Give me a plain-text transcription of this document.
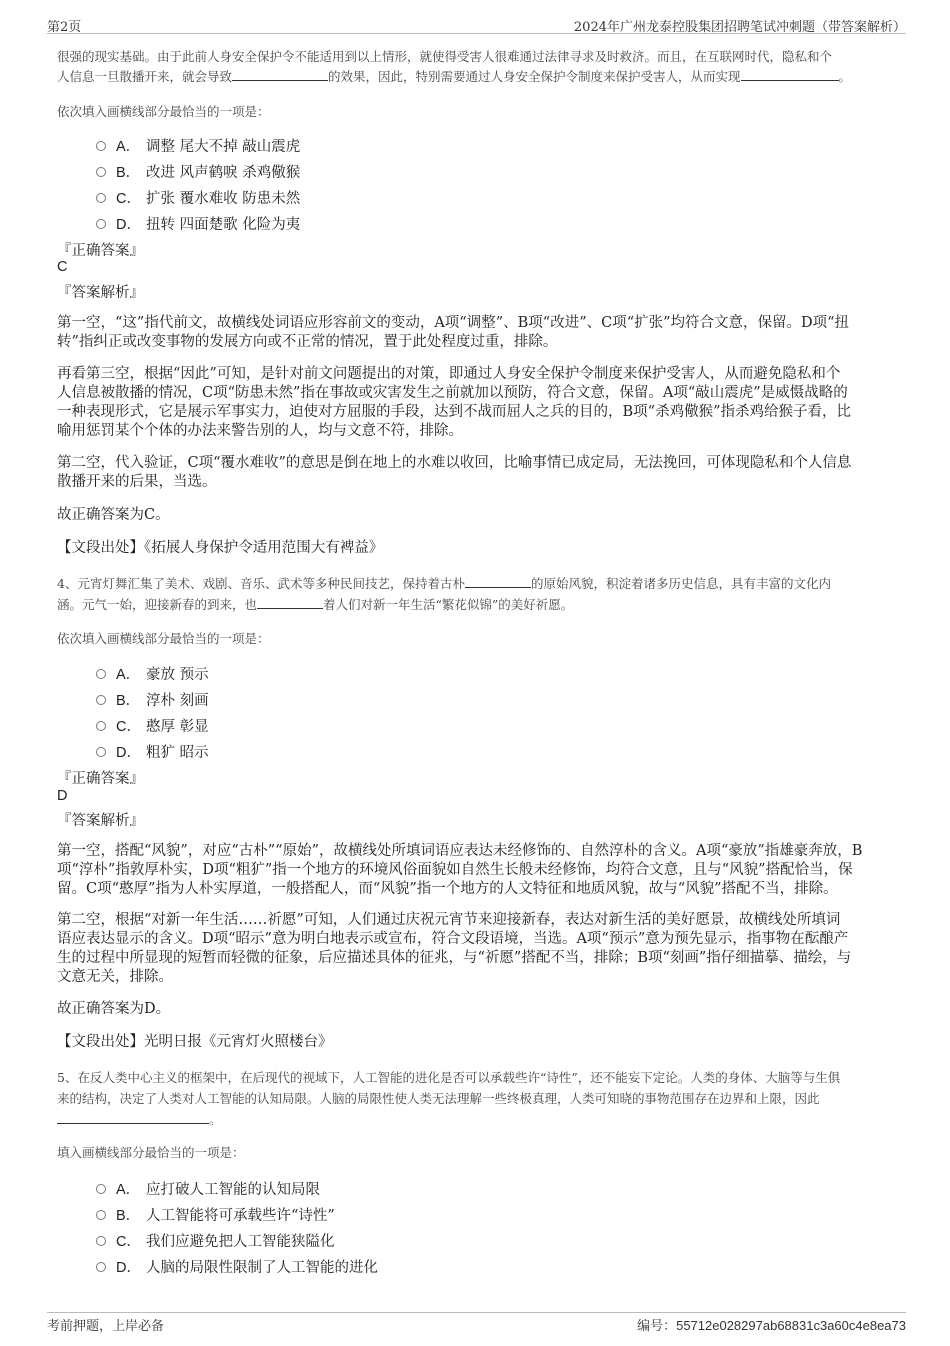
第2页	2024年广州龙泰控股集团招聘笔试冲刺题（带答案解析）
很强的现实基础。由于此前人身安全保护令不能适用到以上情形，就使得受害人很难通过法律寻求及时救济。而且，在互联网时代，隐私和个
人信息一旦散播开来，就会导致	的效果，因此，特别需要通过人身安全保护令制度来保护受害人，从而实现	。
依次填入画横线部分最恰当的一项是：
A． 调整 尾大不掉 敲山震虎
B． 改进 风声鹤唳 杀鸡儆猴
C． 扩张 覆水难收 防患未然
D． 扭转 四面楚歌 化险为夷
『正确答案』
C
『答案解析』
第一空，“这”指代前文，故横线处词语应形容前文的变动，A项“调整”、B项“改进”、C项“扩张”均符合文意，保留。D项“扭
转”指纠正或改变事物的发展方向或不正常的情况，置于此处程度过重，排除。
再看第三空，根据“因此”可知，是针对前文问题提出的对策，即通过人身安全保护令制度来保护受害人，从而避免隐私和个
人信息被散播的情况，C项“防患未然”指在事故或灾害发生之前就加以预防，符合文意，保留。A项“敲山震虎”是威慑战略的
一种表现形式，它是展示军事实力，迫使对方屈服的手段，达到不战而屈人之兵的目的，B项“杀鸡儆猴”指杀鸡给猴子看，比
喻用惩罚某个个体的办法来警告别的人，均与文意不符，排除。
第二空，代入验证，C项“覆水难收”的意思是倒在地上的水难以收回，比喻事情已成定局，无法挽回，可体现隐私和个人信息
散播开来的后果，当选。
故正确答案为C。
【文段出处】《拓展人身保护令适用范围大有裨益》
4、元宵灯舞汇集了美术、戏剧、音乐、武术等多种民间技艺，保持着古朴	的原始风貌，积淀着诸多历史信息，具有丰富的文化内
涵。元气一始，迎接新春的到来，也	着人们对新一年生活“繁花似锦”的美好祈愿。
依次填入画横线部分最恰当的一项是：
A． 豪放 预示
B． 淳朴 刻画
C． 憨厚 彰显
D． 粗犷 昭示
『正确答案』
D
『答案解析』
第一空，搭配“风貌”，对应“古朴”“原始”，故横线处所填词语应表达未经修饰的、自然淳朴的含义。A项“豪放”指雄豪奔放，B
项“淳朴”指敦厚朴实，D项“粗犷”指一个地方的环境风俗面貌如自然生长般未经修饰，均符合文意，且与“风貌”搭配恰当，保
留。C项“憨厚”指为人朴实厚道，一般搭配人，而“风貌”指一个地方的人文特征和地质风貌，故与“风貌”搭配不当，排除。
第二空，根据“对新一年生活……祈愿”可知，人们通过庆祝元宵节来迎接新春，表达对新生活的美好愿景，故横线处所填词
语应表达显示的含义。D项“昭示”意为明白地表示或宣布，符合文段语境，当选。A项“预示”意为预先显示，指事物在酝酿产
生的过程中所显现的短暂而轻微的征象，后应描述具体的征兆，与“祈愿”搭配不当，排除；B项“刻画”指仔细描摹、描绘，与
文意无关，排除。
故正确答案为D。
【文段出处】光明日报《元宵灯火照楼台》
5、在反人类中心主义的框架中，在后现代的视域下，人工智能的进化是否可以承载些许“诗性”，还不能妄下定论。人类的身体、大脑等与生俱
来的结构，决定了人类对人工智能的认知局限。人脑的局限性使人类无法理解一些终极真理，人类可知晓的事物范围存在边界和上限，因此
。
填入画横线部分最恰当的一项是：
A． 应打破人工智能的认知局限
B． 人工智能将可承载些许“诗性”
C． 我们应避免把人工智能狭隘化
D． 人脑的局限性限制了人工智能的进化
考前押题，上岸必备	编号：55712e028297ab68831c3a60c4e8ea73
